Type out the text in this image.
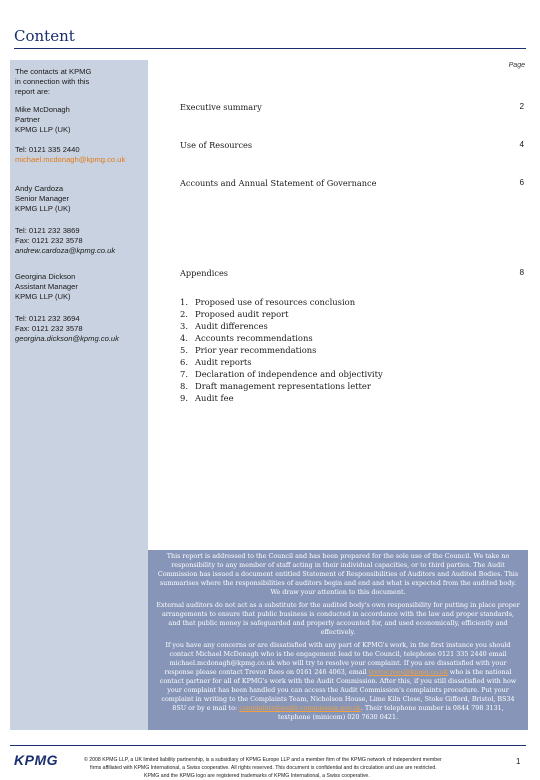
Content
The contacts at KPMG
in connection with this
report are:
Mike McDonagh
Partner
KPMG LLP (UK)
Tel: 0121 335 2440
michael.mcdonagh@kpmg.co.uk
Andy Cardoza
Senior Manager
KPMG LLP (UK)
Tel: 0121 232 3869
Fax: 0121 232 3578
andrew.cardoza@kpmg.co.uk
Georgina Dickson
Assistant Manager
KPMG LLP (UK)
Tel: 0121 232 3694
Fax: 0121 232 3578
georgina.dickson@kpmg.co.uk
Page
Executive summary	2
Use of Resources	4
Accounts and Annual Statement of Governance	6
Appendices	8
1. Proposed use of resources conclusion
2. Proposed audit report
3. Audit differences
4. Accounts recommendations
5. Prior year recommendations
6. Audit reports
7. Declaration of independence and objectivity
8. Draft management representations letter
9. Audit fee

This report is addressed to the Council and has been prepared for the sole use of the Council. We take no responsibility to any member of staff acting in their individual capacities, or to third parties. The Audit Commission has issued a document entitled Statement of Responsibilities of Auditors and Audited Bodies. This summarises where the responsibilities of auditors begin and end and what is expected from the audited body. We draw your attention to this document.

External auditors do not act as a substitute for the audited body's own responsibility for putting in place proper arrangements to ensure that public business is conducted in accordance with the law and proper standards, and that public money is safeguarded and properly accounted for, and used economically, efficiently and effectively.

If you have any concerns or are dissatisfied with any part of KPMG's work, in the first instance you should contact Michael McDonagh who is the engagement lead to the Council, telephone 0121 335 2440 email michael.mcdonagh@kpmg.co.uk who will try to resolve your complaint. If you are dissatisfied with your response please contact Trevor Rees on 0161 246 4063, email trevor.rees@kpmg.co.uk who is the national contact partner for all of KPMG's work with the Audit Commission. After this, if you still dissatisfied with how your complaint has been handled you can access the Audit Commission's complaints procedure. Put your complaint in writing to the Complaints Team, Nicholson House, Lime Kiln Close, Stoke Gifford, Bristol, BS34 8SU or by e mail to: complaints@audit-commission.gov.uk. Their telephone number is 0844 798 3131, textphone (minicom) 020 7630 0421.

KPMG	© 2008 KPMG LLP, a UK limited liability partnership, is a subsidiary of KPMG Europe LLP and a member firm of the KPMG network of independent member
firms affiliated with KPMG International, a Swiss cooperative. All rights reserved. This document is confidential and its circulation and use are restricted.
KPMG and the KPMG logo are registered trademarks of KPMG International, a Swiss cooperative.
1
